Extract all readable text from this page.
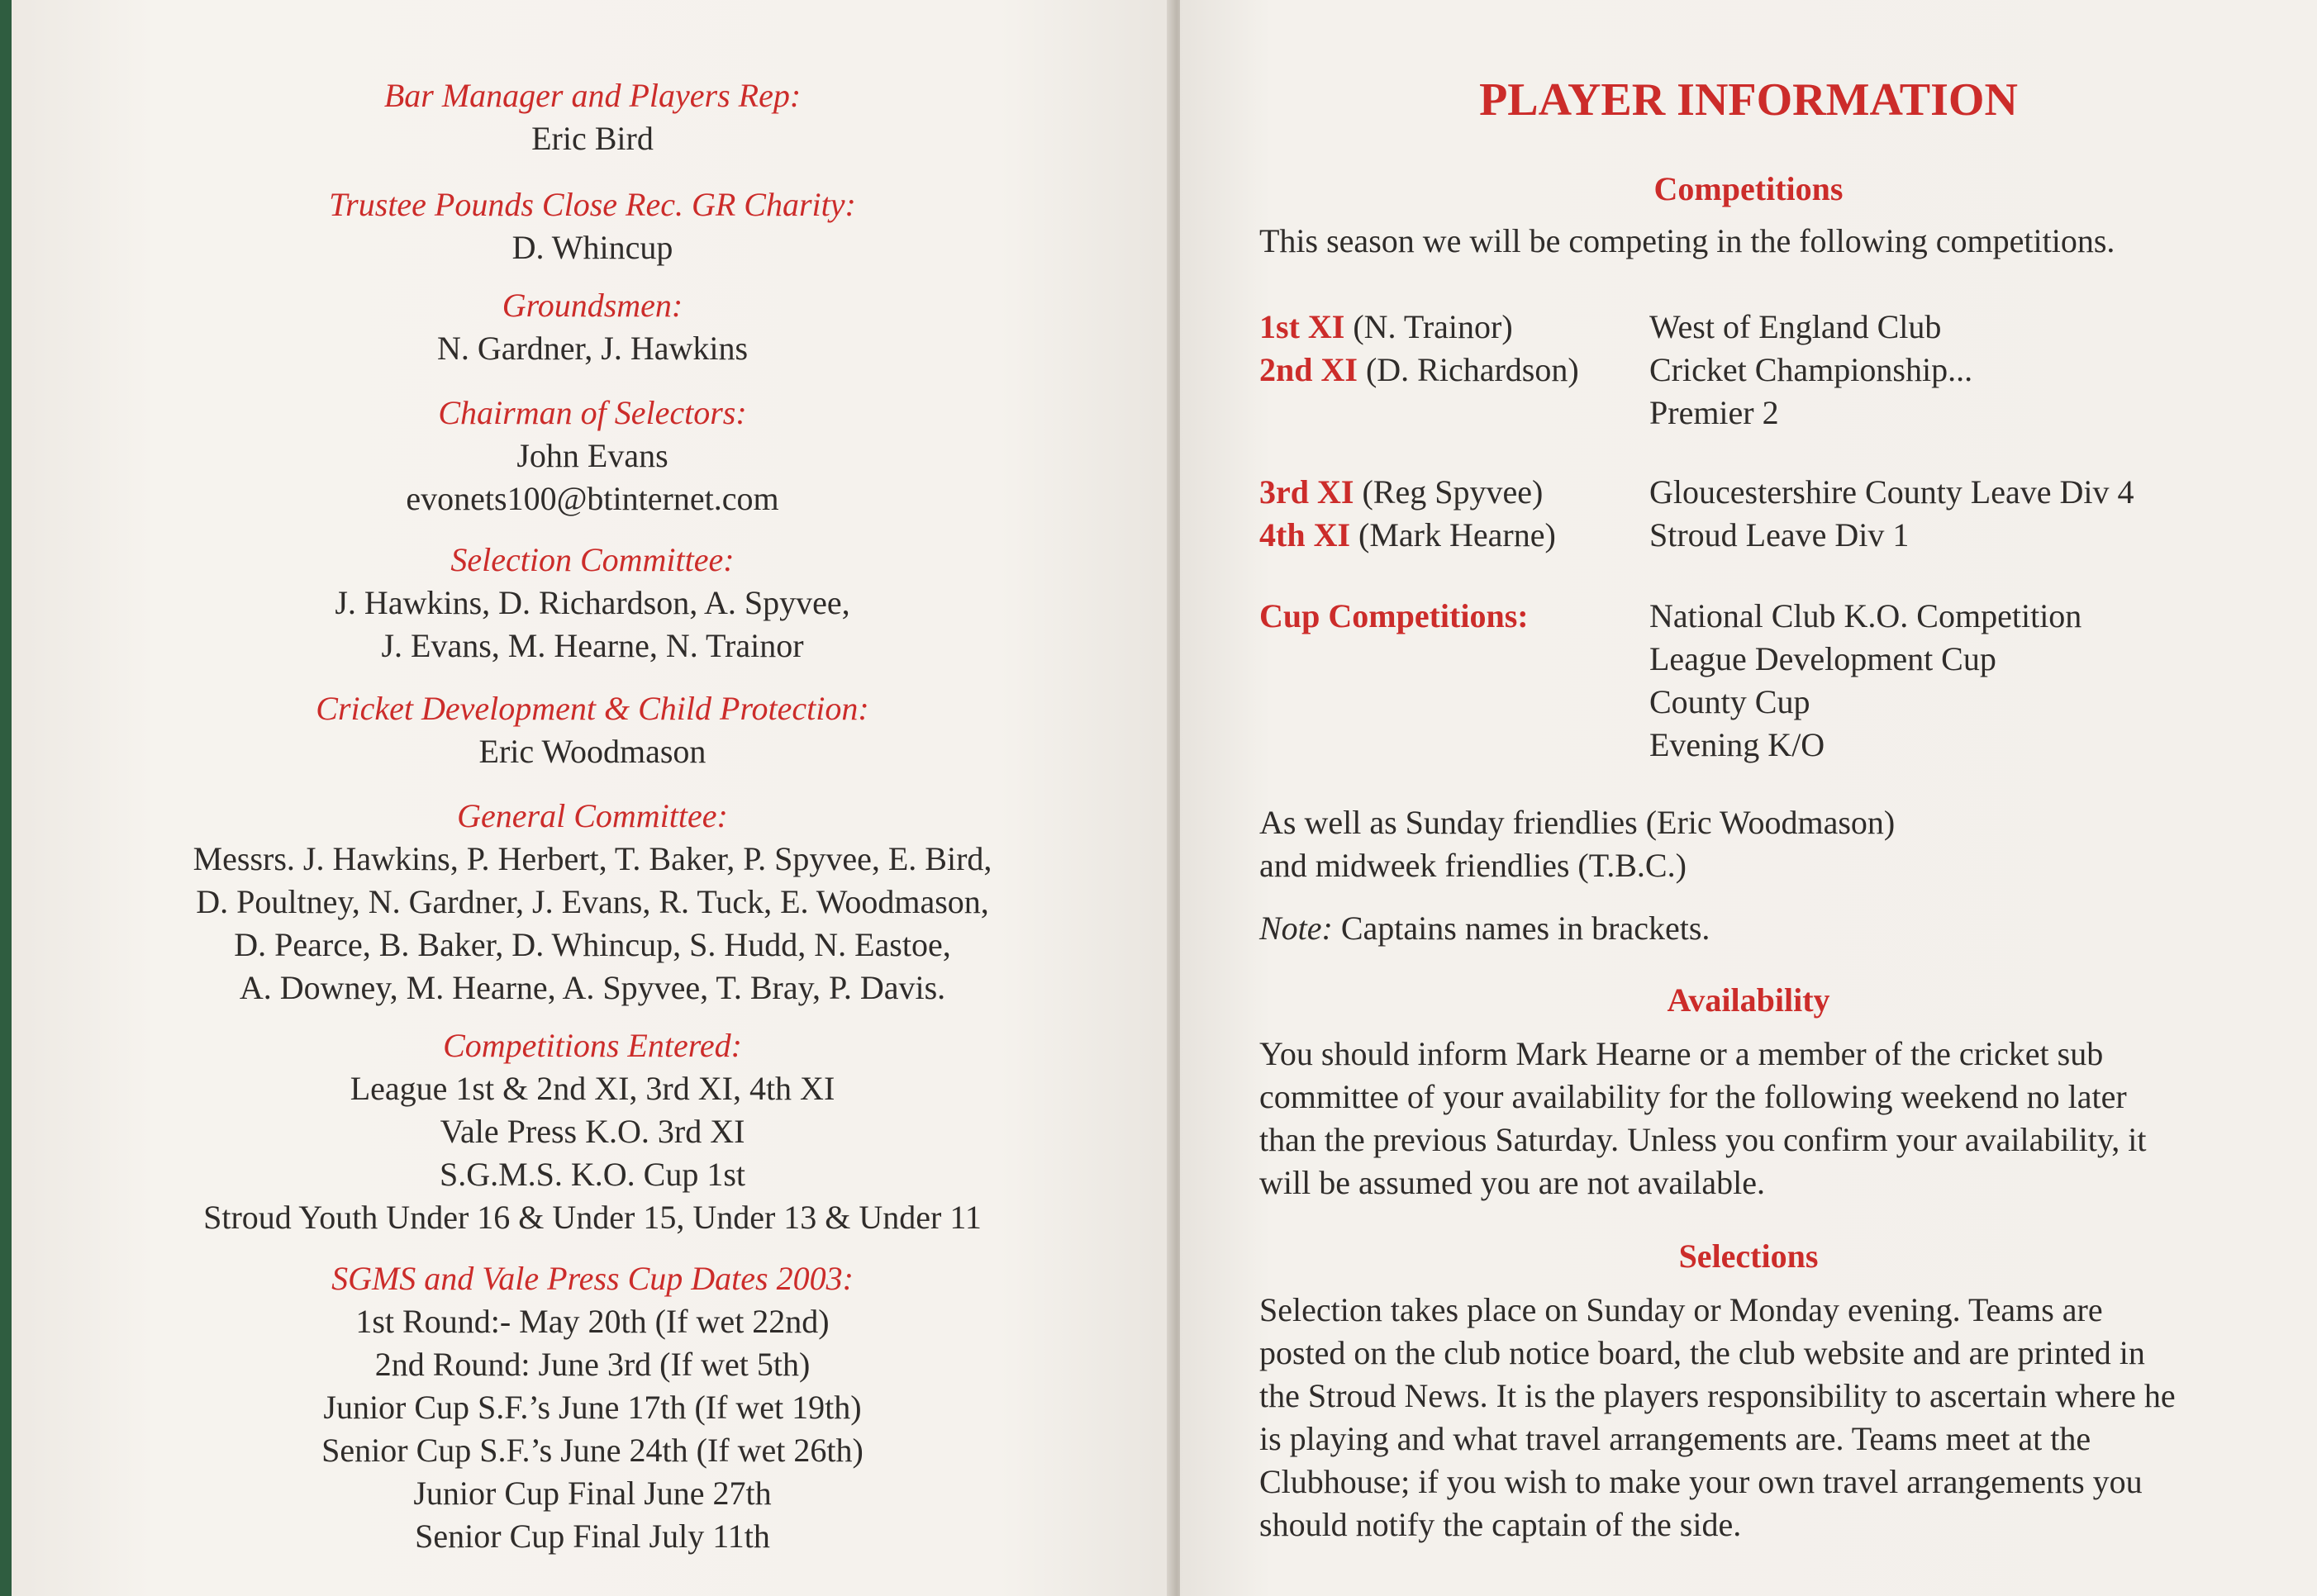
Bar Manager and Players Rep:
Eric Bird
Trustee Pounds Close Rec. GR Charity:
D. Whincup
Groundsmen:
N. Gardner, J. Hawkins
Chairman of Selectors:
John Evans
evonets100@btinternet.com
Selection Committee:
J. Hawkins, D. Richardson, A. Spyvee,
J. Evans, M. Hearne, N. Trainor
Cricket Development & Child Protection:
Eric Woodmason
General Committee:
Messrs. J. Hawkins, P. Herbert, T. Baker, P. Spyvee, E. Bird,
D. Poultney, N. Gardner, J. Evans, R. Tuck, E. Woodmason,
D. Pearce, B. Baker, D. Whincup, S. Hudd, N. Eastoe,
A. Downey, M. Hearne, A. Spyvee, T. Bray, P. Davis.
Competitions Entered:
League 1st & 2nd XI, 3rd XI, 4th XI
Vale Press K.O. 3rd XI
S.G.M.S. K.O. Cup 1st
Stroud Youth Under 16 & Under 15, Under 13 & Under 11
SGMS and Vale Press Cup Dates 2003:
1st Round:- May 20th (If wet 22nd)
2nd Round: June 3rd (If wet 5th)
Junior Cup S.F.’s June 17th (If wet 19th)
Senior Cup S.F.’s June 24th (If wet 26th)
Junior Cup Final June 27th
Senior Cup Final July 11th
PLAYER INFORMATION
Competitions
This season we will be competing in the following competitions.
1st XI (N. Trainor)
2nd XI (D. Richardson)
West of England Club
Cricket Championship...
Premier 2
3rd XI (Reg Spyvee)
4th XI (Mark Hearne)
Gloucestershire County Leave Div 4
Stroud Leave Div 1
Cup Competitions:	National Club K.O. Competition
League Development Cup
County Cup
Evening K/O
As well as Sunday friendlies (Eric Woodmason)
and midweek friendlies (T.B.C.)
Note: Captains names in brackets.
Availability
You should inform Mark Hearne or a member of the cricket sub
committee of your availability for the following weekend no later
than the previous Saturday. Unless you confirm your availability, it
will be assumed you are not available.
Selections
Selection takes place on Sunday or Monday evening. Teams are
posted on the club notice board, the club website and are printed in
the Stroud News. It is the players responsibility to ascertain where he
is playing and what travel arrangements are. Teams meet at the
Clubhouse; if you wish to make your own travel arrangements you
should notify the captain of the side.
